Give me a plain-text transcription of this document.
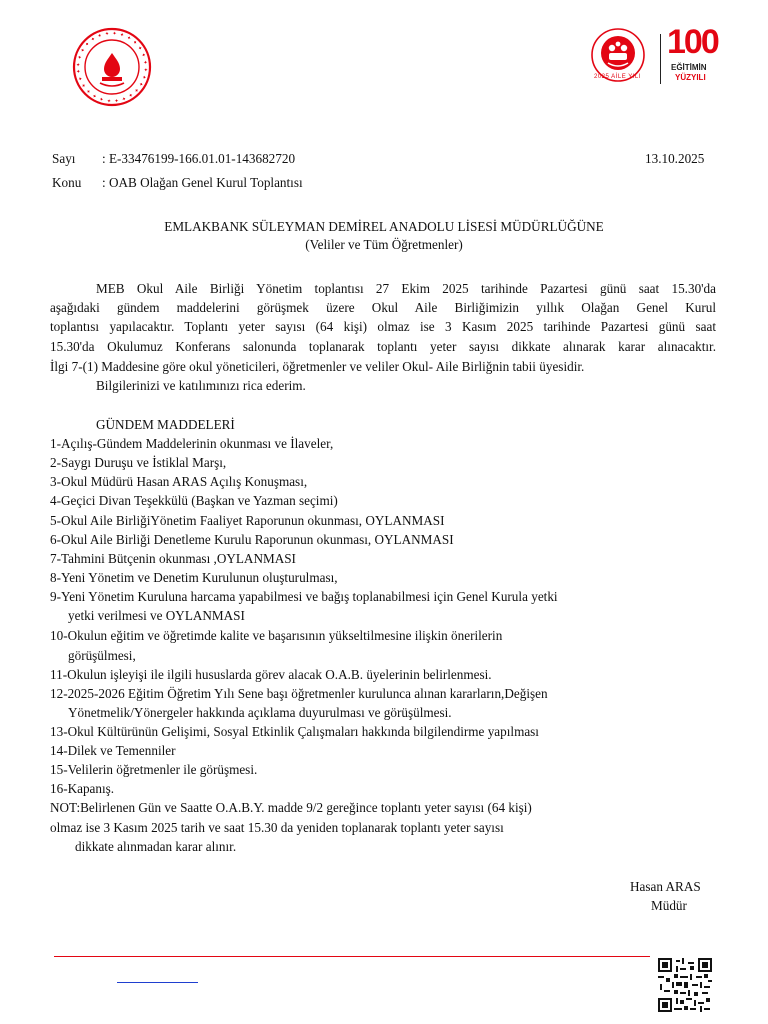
✦ ✦ ✦ ✦ ✦ ✦ ✦ ✦ ✦ ✦ ✦ ✦ ✦ ✦ ✦ ✦ ✦ ✦ ✦ ✦ ✦ ✦ ✦ ✦ ✦ ✦ ✦ ✦
2025 AİLE YILI
100
EĞİTİMİN
YÜZYILI
Sayı : E-33476199-166.01.01-143682720	13.10.2025
Konu : OAB Olağan Genel Kurul Toplantısı
EMLAKBANK SÜLEYMAN DEMİREL ANADOLU LİSESİ MÜDÜRLÜĞÜNE
(Veliler ve Tüm Öğretmenler)
MEB Okul Aile Birliği Yönetim toplantısı 27 Ekim 2025 tarihinde Pazartesi günü saat 15.30'da
aşağıdaki gündem maddelerini görüşmek üzere Okul Aile Birliğimizin yıllık Olağan Genel Kurul
toplantısı yapılacaktır. Toplantı yeter sayısı (64 kişi) olmaz ise 3 Kasım 2025 tarihinde Pazartesi günü saat
15.30'da Okulumuz Konferans salonunda toplanarak toplantı yeter sayısı dikkate alınarak karar alınacaktır.
İlgi 7-(1) Maddesine göre okul yöneticileri, öğretmenler ve veliler Okul- Aile Birliğnin tabii üyesidir.
Bilgilerinizi ve katılımınızı rica ederim.
GÜNDEM MADDELERİ
1-Açılış-Gündem Maddelerinin okunması ve İlaveler,
2-Saygı Duruşu ve İstiklal Marşı,
3-Okul Müdürü Hasan ARAS Açılış Konuşması,
4-Geçici Divan Teşekkülü (Başkan ve Yazman seçimi)
5-Okul Aile BirliğiYönetim Faaliyet Raporunun okunması, OYLANMASI
6-Okul Aile Birliği Denetleme Kurulu Raporunun okunması, OYLANMASI
7-Tahmini Bütçenin okunması ,OYLANMASI
8-Yeni Yönetim ve Denetim Kurulunun oluşturulması,
9-Yeni Yönetim Kuruluna harcama yapabilmesi ve bağış toplanabilmesi için Genel Kurula yetki
yetki verilmesi ve OYLANMASI
10-Okulun eğitim ve öğretimde kalite ve başarısının yükseltilmesine ilişkin önerilerin
görüşülmesi,
11-Okulun işleyişi ile ilgili hususlarda görev alacak O.A.B. üyelerinin belirlenmesi.
12-2025-2026 Eğitim Öğretim Yılı Sene başı öğretmenler kurulunca alınan kararların,Değişen
Yönetmelik/Yönergeler hakkında açıklama duyurulması ve görüşülmesi.
13-Okul Kültürünün Gelişimi, Sosyal Etkinlik Çalışmaları hakkında bilgilendirme yapılması
14-Dilek ve Temenniler
15-Velilerin öğretmenler ile görüşmesi.
16-Kapanış.
NOT:Belirlenen Gün ve Saatte O.A.B.Y. madde 9/2 gereğince toplantı yeter sayısı (64 kişi)
olmaz ise 3 Kasım 2025 tarih ve saat 15.30 da yeniden toplanarak toplantı yeter sayısı
dikkate alınmadan karar alınır.
Hasan ARAS
Müdür
